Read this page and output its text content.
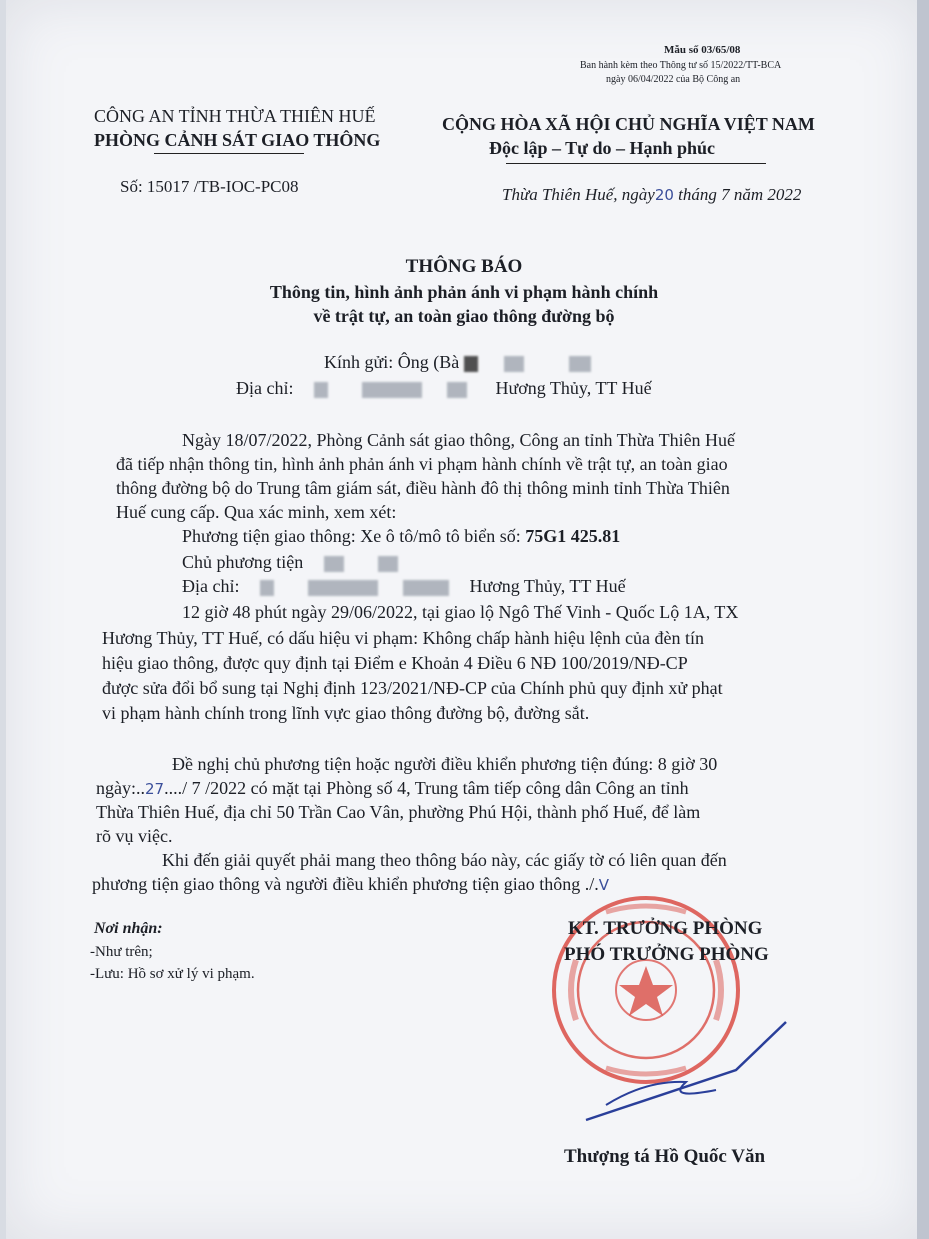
Mẫu số 03/65/08
Ban hành kèm theo Thông tư số 15/2022/TT-BCA
ngày 06/04/2022 của Bộ Công an
CÔNG AN TỈNH THỪA THIÊN HUẾ
PHÒNG CẢNH SÁT GIAO THÔNG
CỘNG HÒA XÃ HỘI CHỦ NGHĨA VIỆT NAM
Độc lập – Tự do – Hạnh phúc
Số: 15017 /TB-IOC-PC08	Thừa Thiên Huế, ngày20 tháng 7 năm 2022
THÔNG BÁO
Thông tin, hình ảnh phản ánh vi phạm hành chính
về trật tự, an toàn giao thông đường bộ
Kính gửi: Ông (Bà
Địa chỉ:	Hương Thủy, TT Huế
Ngày 18/07/2022, Phòng Cảnh sát giao thông, Công an tỉnh Thừa Thiên Huế
đã tiếp nhận thông tin, hình ảnh phản ánh vi phạm hành chính về trật tự, an toàn giao
thông đường bộ do Trung tâm giám sát, điều hành đô thị thông minh tỉnh Thừa Thiên
Huế cung cấp. Qua xác minh, xem xét:
Phương tiện giao thông: Xe ô tô/mô tô biển số: 75G1 425.81
Chủ phương tiện
Địa chỉ:	Hương Thủy, TT Huế
12 giờ 48 phút ngày 29/06/2022, tại giao lộ Ngô Thế Vinh - Quốc Lộ 1A, TX
Hương Thủy, TT Huế, có dấu hiệu vi phạm: Không chấp hành hiệu lệnh của đèn tín
hiệu giao thông, được quy định tại Điểm e Khoản 4 Điều 6 NĐ 100/2019/NĐ-CP
được sửa đổi bổ sung tại Nghị định 123/2021/NĐ-CP của Chính phủ quy định xử phạt
vi phạm hành chính trong lĩnh vực giao thông đường bộ, đường sắt.
Đề nghị chủ phương tiện hoặc người điều khiển phương tiện đúng: 8 giờ 30
ngày:..27..../ 7 /2022 có mặt tại Phòng số 4, Trung tâm tiếp công dân Công an tỉnh
Thừa Thiên Huế, địa chỉ 50 Trần Cao Vân, phường Phú Hội, thành phố Huế, để làm
rõ vụ việc.
Khi đến giải quyết phải mang theo thông báo này, các giấy tờ có liên quan đến
phương tiện giao thông và người điều khiển phương tiện giao thông ./.V
Nơi nhận:
-Như trên;
-Lưu: Hồ sơ xử lý vi phạm.
KT. TRƯỞNG PHÒNG
PHÓ TRƯỞNG PHÒNG
Thượng tá Hồ Quốc Văn
